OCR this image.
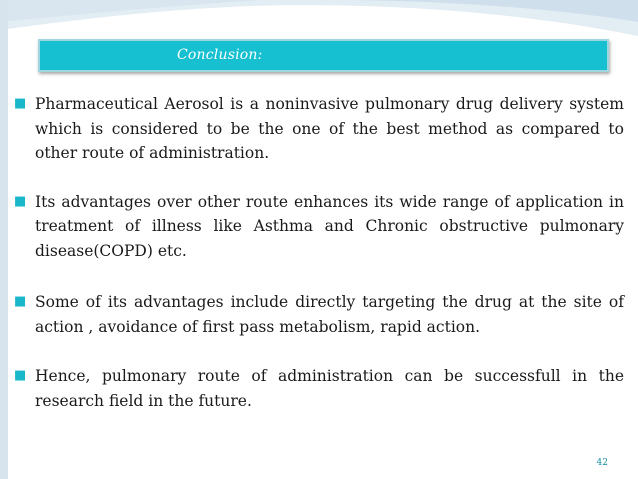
Conclusion:
■ Pharmaceutical Aerosol is a noninvasive pulmonary drug delivery system which is considered to be the one of the best method as compared to other route of administration.
■ Its advantages over other route enhances its wide range of application in treatment of illness like Asthma and Chronic obstructive pulmonary disease(COPD) etc.
■ Some of its advantages include directly targeting the drug at the site of action , avoidance of first pass metabolism, rapid action.
■ Hence, pulmonary route of administration can be successfull in the research field in the future.
42
